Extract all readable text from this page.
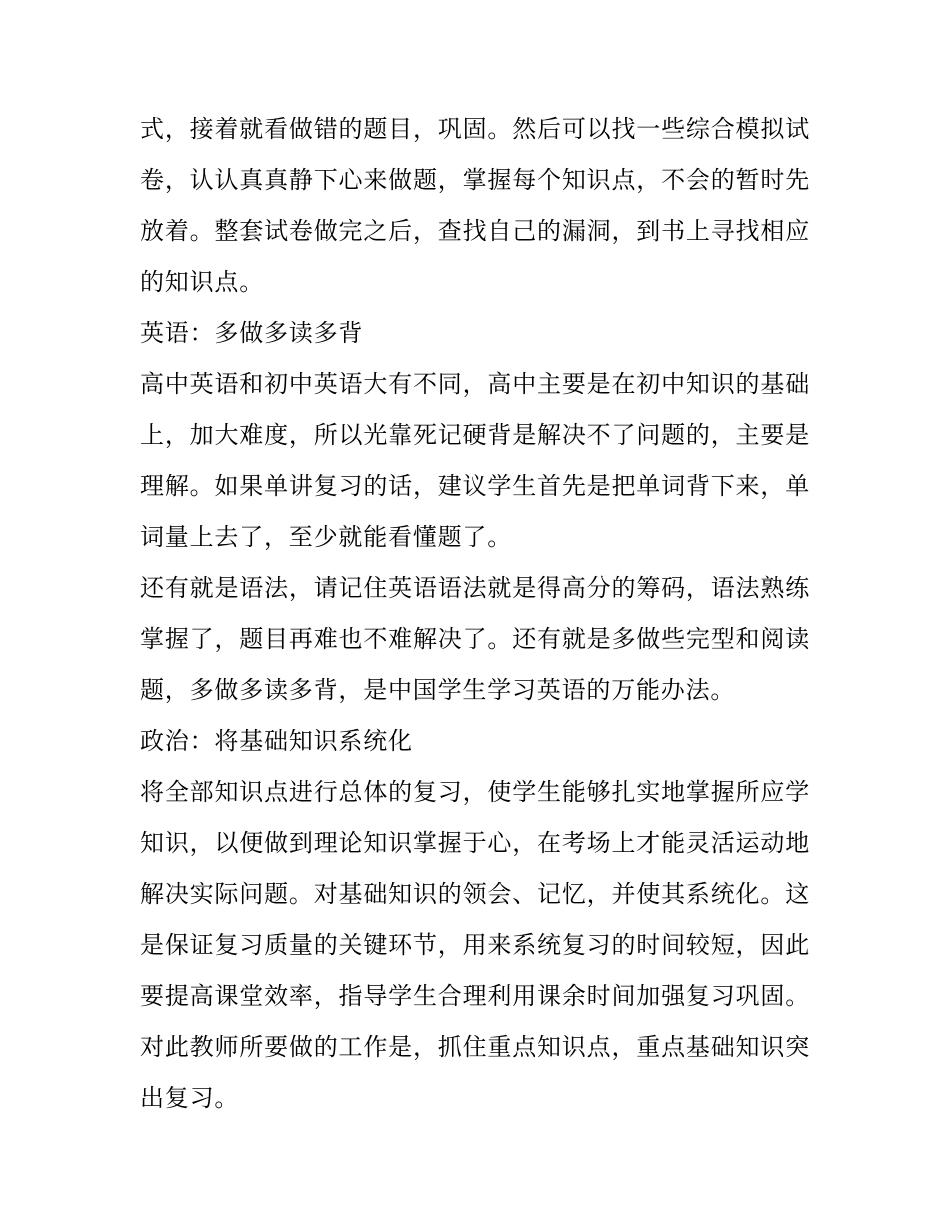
式，接着就看做错的题目，巩固。然后可以找一些综合模拟试
卷，认认真真静下心来做题，掌握每个知识点，不会的暂时先
放着。整套试卷做完之后，查找自己的漏洞，到书上寻找相应
的知识点。
英语：多做多读多背
高中英语和初中英语大有不同，高中主要是在初中知识的基础
上，加大难度，所以光靠死记硬背是解决不了问题的，主要是
理解。如果单讲复习的话，建议学生首先是把单词背下来，单
词量上去了，至少就能看懂题了。
还有就是语法，请记住英语语法就是得高分的筹码，语法熟练
掌握了，题目再难也不难解决了。还有就是多做些完型和阅读
题，多做多读多背，是中国学生学习英语的万能办法。
政治：将基础知识系统化
将全部知识点进行总体的复习，使学生能够扎实地掌握所应学
知识，以便做到理论知识掌握于心，在考场上才能灵活运动地
解决实际问题。对基础知识的领会、记忆，并使其系统化。这
是保证复习质量的关键环节，用来系统复习的时间较短，因此
要提高课堂效率，指导学生合理利用课余时间加强复习巩固。
对此教师所要做的工作是，抓住重点知识点，重点基础知识突
出复习。
